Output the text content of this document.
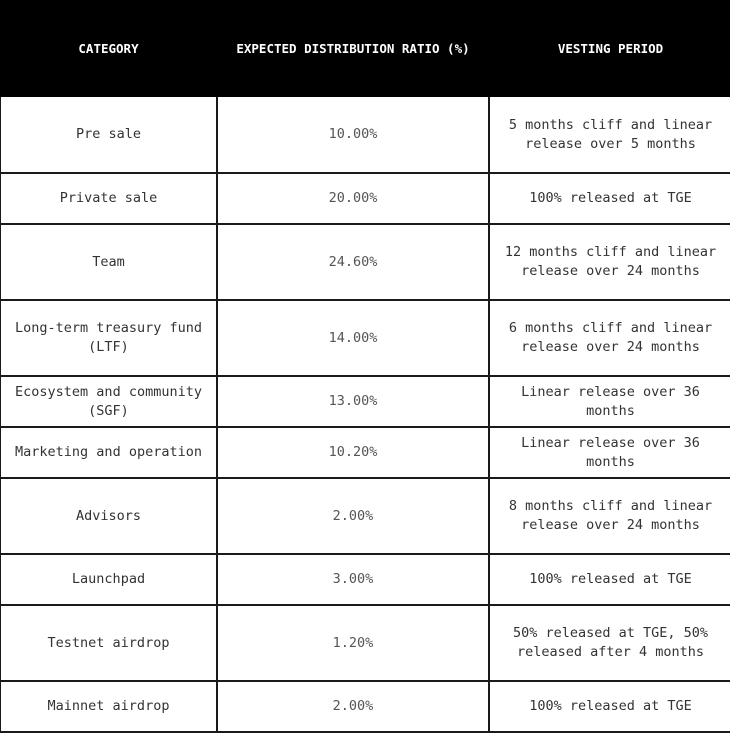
CATEGORY	EXPECTED DISTRIBUTION RATIO (%)	VESTING PERIOD
Pre sale	10.00%	5 months cliff and linear release over 5 months
Private sale	20.00%	100% released at TGE
Team	24.60%	12 months cliff and linear release over 24 months
Long-term treasury fund (LTF)	14.00%	6 months cliff and linear release over 24 months
Ecosystem and community (SGF)	13.00%	Linear release over 36 months
Marketing and operation	10.20%	Linear release over 36 months
Advisors	2.00%	8 months cliff and linear release over 24 months
Launchpad	3.00%	100% released at TGE
Testnet airdrop	1.20%	50% released at TGE, 50% released after 4 months
Mainnet airdrop	2.00%	100% released at TGE
